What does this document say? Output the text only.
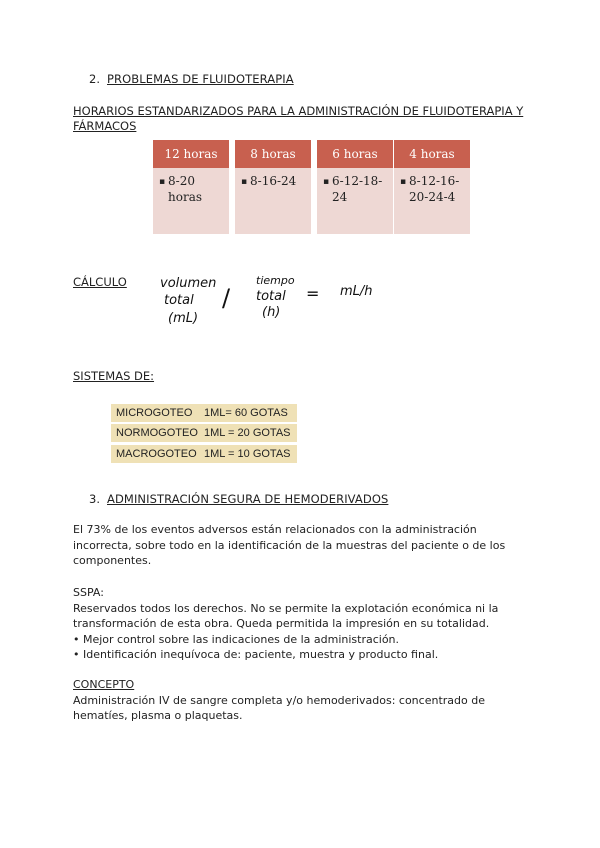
2. PROBLEMAS DE FLUIDOTERAPIA
HORARIOS ESTANDARIZADOS PARA LA ADMINISTRACIÓN DE FLUIDOTERAPIA Y
FÁRMACOS
12 horas
▪ 8-20
horas
8 horas
▪ 8-16-24
6 horas
▪ 6-12-18-
24
4 horas
▪ 8-12-16-
20-24-4
CÁLCULO	volumen
total
(mL)
/
tiempo
total
(h)
= mL/h
SISTEMAS DE:
MICROGOTEO 1ML= 60 GOTAS
NORMOGOTEO 1ML = 20 GOTAS
MACROGOTEO 1ML = 10 GOTAS
3. ADMINISTRACIÓN SEGURA DE HEMODERIVADOS
El 73% de los eventos adversos están relacionados con la administración
incorrecta, sobre todo en la identificación de la muestras del paciente o de los
componentes.
SSPA:
Reservados todos los derechos. No se permite la explotación económica ni la
transformación de esta obra. Queda permitida la impresión en su totalidad.
• Mejor control sobre las indicaciones de la administración.
• Identificación inequívoca de: paciente, muestra y producto final.
CONCEPTO
Administración IV de sangre completa y/o hemoderivados: concentrado de
hematíes, plasma o plaquetas.
